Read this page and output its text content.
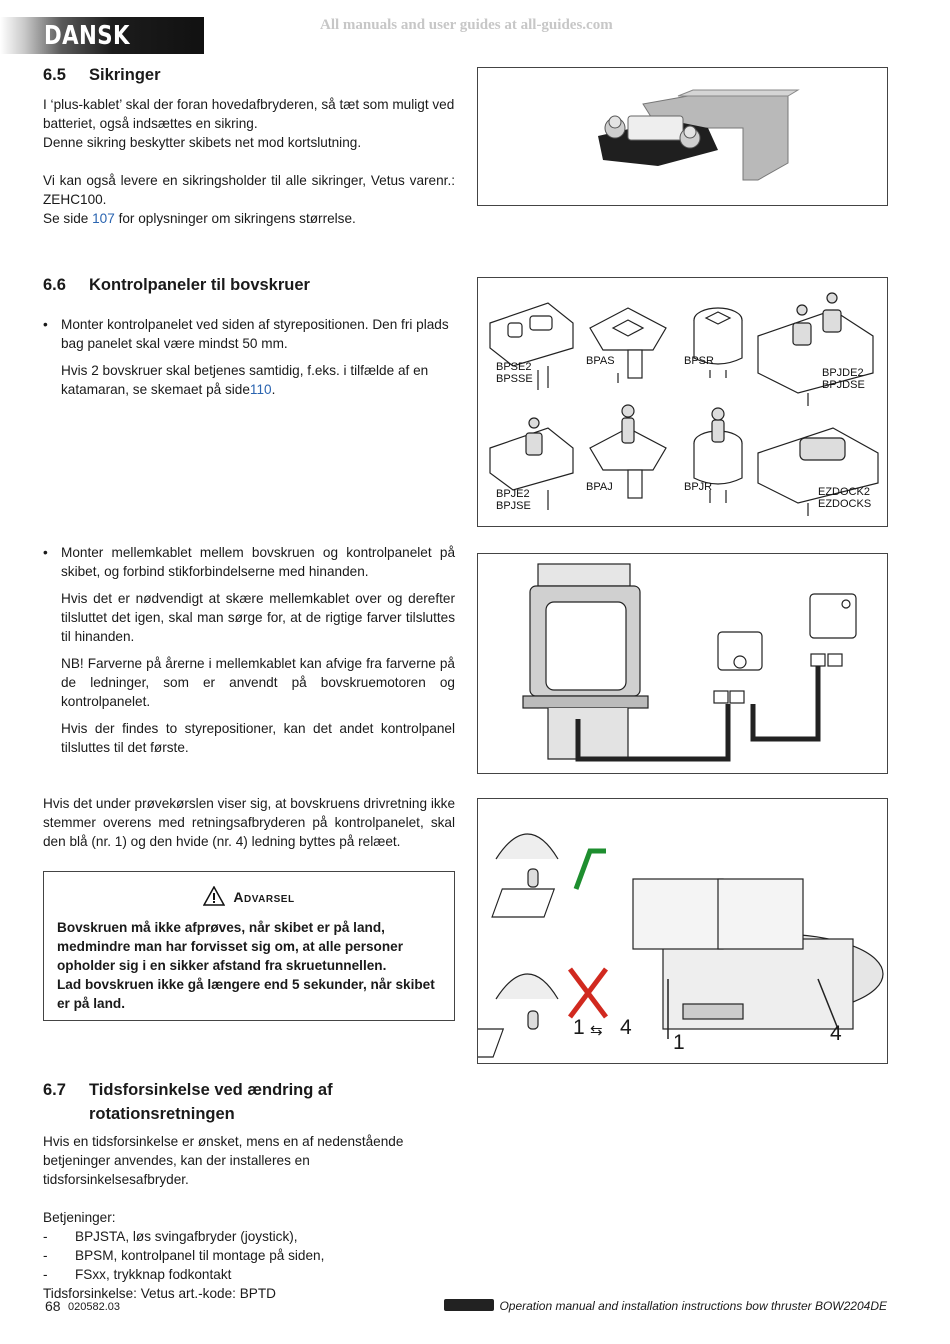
DANSK	All manuals and user guides at all-guides.com
6.5 Sikringer

I ‘plus-kablet’ skal der foran hovedafbryderen, så tæt som muligt ved batteriet, også indsættes en sikring.

Denne sikring beskytter skibets net mod kortslutning.

Vi kan også levere en sikringsholder til alle sikringer, Vetus varenr.: ZEHC100.

Se side 107 for oplysninger om sikringens størrelse.

6.6 Kontrolpaneler til bovskruer

• Monter kontrolpanelet ved siden af styrepositionen. Den fri plads bag panelet skal være mindst 50 mm.

Hvis 2 bovskruer skal betjenes samtidig, f.eks. i tilfælde af en katamaran, se skemaet på side110.

BPSE2
BPSSE
BPAS	BPSR
BPJDE2
BPJDSE
BPJE2
BPJSE
BPAJ	BPJR	EZDOCK2
EZDOCKS

• Monter mellemkablet mellem bovskruen og kontrolpanelet på skibet, og forbind stikforbindelserne med hinanden.

Hvis det er nødvendigt at skære mellemkablet over og derefter tilsluttet det igen, skal man sørge for, at de rigtige farver tilsluttes til hinanden.

NB! Farverne på årerne i mellemkablet kan afvige fra farverne på de ledninger, som er anvendt på bovskruemotoren og kontrolpanelet.

Hvis der findes to styrepositioner, kan det andet kontrolpanel tilsluttes til det første.

Hvis det under prøvekørslen viser sig, at bovskruens drivretning ikke stemmer overens med retningsafbryderen på kontrolpanelet, skal den blå (nr. 1) og den hvide (nr. 4) ledning byttes på relæet.
1 ⇆ 4
1	4
Advarsel

Bovskruen må ikke afprøves, når skibet er på land, medmindre man har forvisset sig om, at alle personer opholder sig i en sikker afstand fra skruetunnellen.

Lad bovskruen ikke gå længere end 5 sekunder, når skibet er på land.

6.7 Tidsforsinkelse ved ændring af rotationsretningen

Hvis en tidsforsinkelse er ønsket, mens en af nedenstående betjeninger anvendes, kan der installeres en tidsforsinkelsesafbryder.

Betjeninger:

- BPJSTA, løs svingafbryder (joystick),

- BPSM, kontrolpanel til montage på siden,

- FSxx, trykknap fodkontakt

Tidsforsinkelse: Vetus art.-kode: BPTD

68 020582.03	Operation manual and installation instructions bow thruster BOW2204DE
